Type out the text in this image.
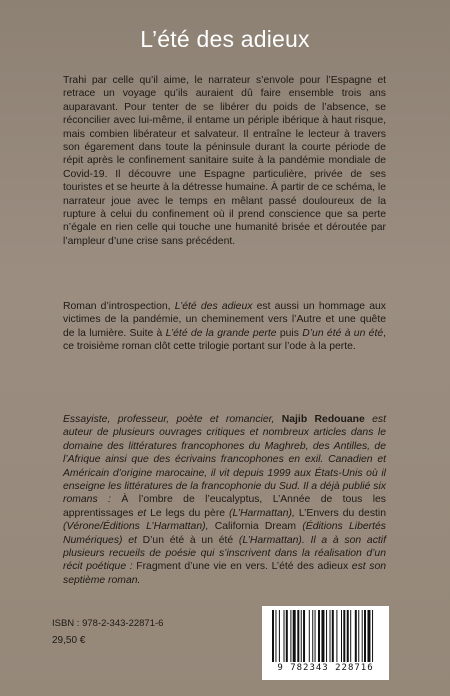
L’été des adieux

Trahi par celle qu’il aime, le narrateur s’envole pour l’Espagne et retrace un voyage qu’ils auraient dû faire ensemble trois ans auparavant. Pour tenter de se libérer du poids de l’absence, se réconcilier avec lui-même, il entame un périple ibérique à haut risque, mais combien libérateur et salvateur. Il entraîne le lecteur à travers son égarement dans toute la péninsule durant la courte période de répit après le confinement sanitaire suite à la pandémie mondiale de Covid-19. Il découvre une Espagne particulière, privée de ses touristes et se heurte à la détresse humaine. À partir de ce schéma, le narrateur joue avec le temps en mêlant passé douloureux de la rupture à celui du confinement où il prend conscience que sa perte n’égale en rien celle qui touche une humanité brisée et déroutée par l’ampleur d’une crise sans précédent.

Roman d’introspection, L’été des adieux est aussi un hommage aux victimes de la pandémie, un cheminement vers l’Autre et une quête de la lumière. Suite à L’été de la grande perte puis D’un été à un été, ce troisième roman clôt cette trilogie portant sur l’ode à la perte.

Essayiste, professeur, poète et romancier, Najib Redouane est auteur de plusieurs ouvrages critiques et nombreux articles dans le domaine des littératures francophones du Maghreb, des Antilles, de l’Afrique ainsi que des écrivains francophones en exil. Canadien et Américain d’origine marocaine, il vit depuis 1999 aux États-Unis où il enseigne les littératures de la francophonie du Sud. Il a déjà publié six romans : À l’ombre de l’eucalyptus, L’Année de tous les apprentissages et Le legs du père (L’Harmattan), L’Envers du destin (Vérone/Éditions L’Harmattan), California Dream (Éditions Libertés Numériques) et D’un été à un été (L’Harmattan). Il a à son actif plusieurs recueils de poésie qui s’inscrivent dans la réalisation d’un récit poétique : Fragment d’une vie en vers. L’été des adieux est son septième roman.

ISBN : 978-2-343-22871-6
29,50 €
9 782343 228716
